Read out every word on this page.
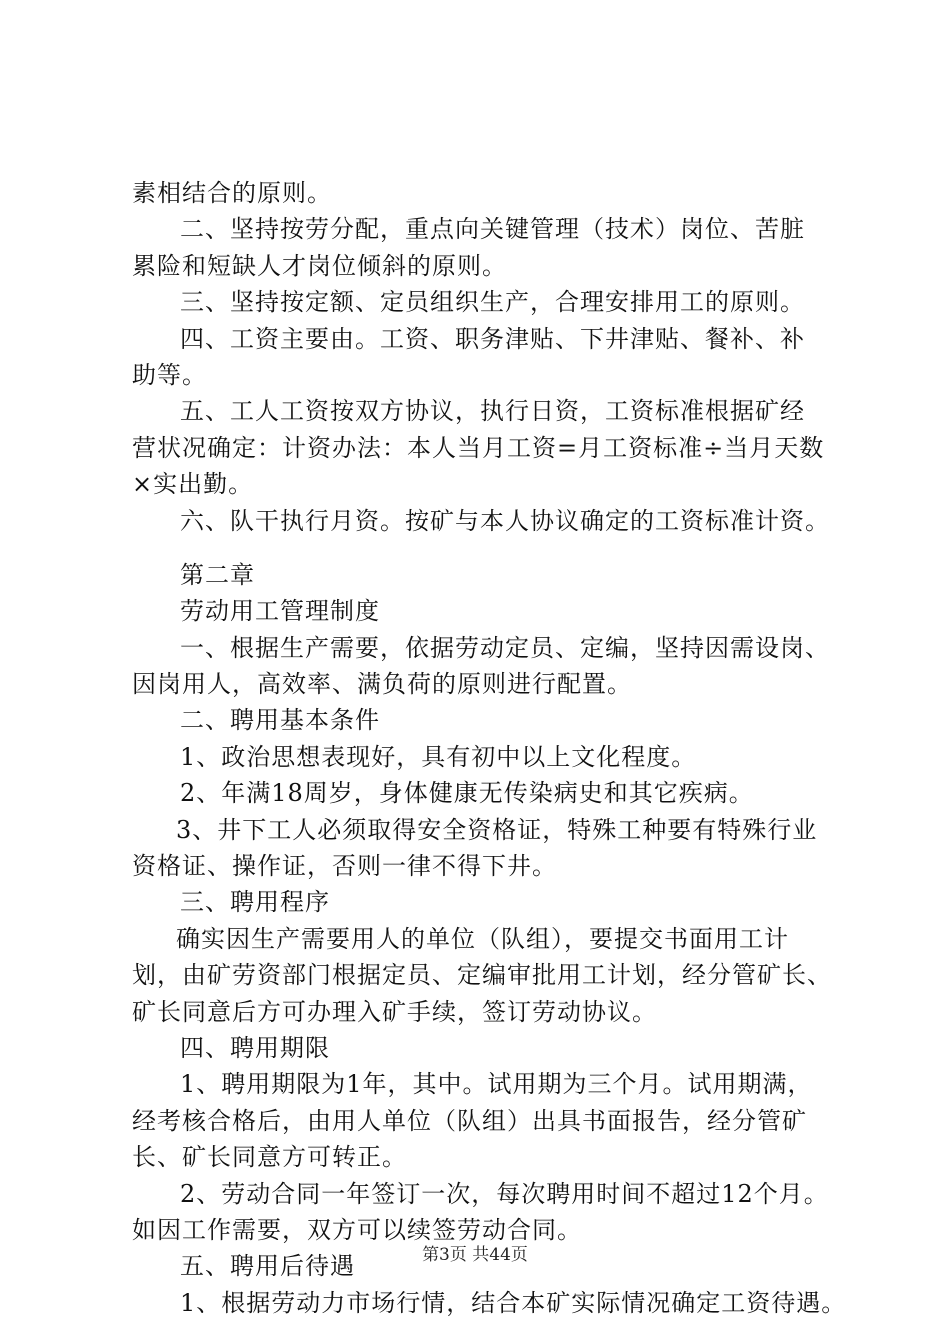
素相结合的原则。
二、坚持按劳分配，重点向关键管理（技术）岗位、苦脏
累险和短缺人才岗位倾斜的原则。
三、坚持按定额、定员组织生产，合理安排用工的原则。
四、工资主要由。工资、职务津贴、下井津贴、餐补、补
助等。
五、工人工资按双方协议，执行日资，工资标准根据矿经
营状况确定：计资办法：本人当月工资=月工资标准÷当月天数
×实出勤。
六、队干执行月资。按矿与本人协议确定的工资标准计资。
第二章
劳动用工管理制度
一、根据生产需要，依据劳动定员、定编，坚持因需设岗、
因岗用人，高效率、满负荷的原则进行配置。
二、聘用基本条件
1、政治思想表现好，具有初中以上文化程度。
2、年满18周岁，身体健康无传染病史和其它疾病。
3、井下工人必须取得安全资格证，特殊工种要有特殊行业
资格证、操作证，否则一律不得下井。
三、聘用程序
确实因生产需要用人的单位（队组），要提交书面用工计
划，由矿劳资部门根据定员、定编审批用工计划，经分管矿长、
矿长同意后方可办理入矿手续，签订劳动协议。
四、聘用期限
1、聘用期限为1年，其中。试用期为三个月。试用期满，
经考核合格后，由用人单位（队组）出具书面报告，经分管矿
长、矿长同意方可转正。
2、劳动合同一年签订一次，每次聘用时间不超过12个月。
如因工作需要，双方可以续签劳动合同。
五、聘用后待遇
1、根据劳动力市场行情，结合本矿实际情况确定工资待遇。
第3页 共44页
